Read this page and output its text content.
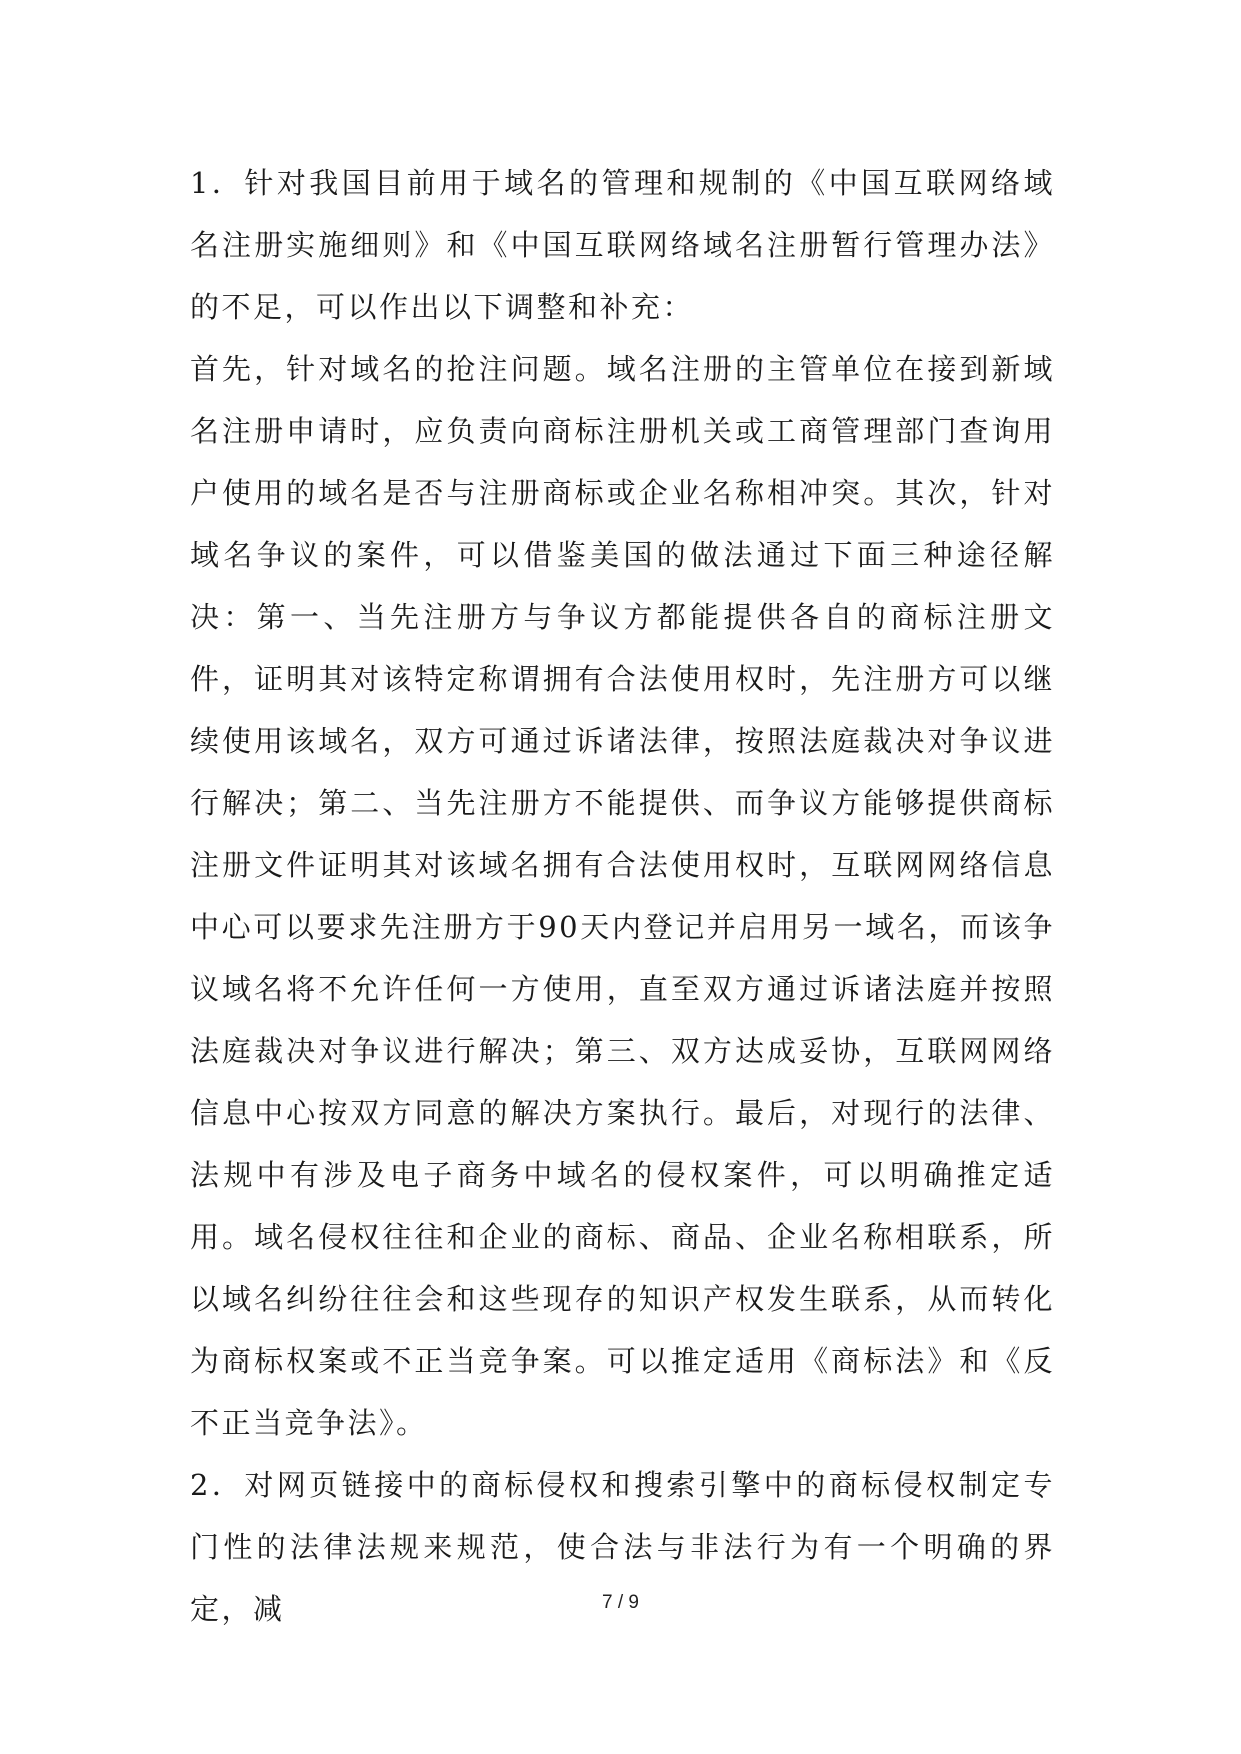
1．针对我国目前用于域名的管理和规制的《中国互联网络域名注册实施细则》和《中国互联网络域名注册暂行管理办法》的不足，可以作出以下调整和补充：

首先，针对域名的抢注问题。域名注册的主管单位在接到新域名注册申请时，应负责向商标注册机关或工商管理部门查询用户使用的域名是否与注册商标或企业名称相冲突。其次，针对域名争议的案件，可以借鉴美国的做法通过下面三种途径解决：第一、当先注册方与争议方都能提供各自的商标注册文件，证明其对该特定称谓拥有合法使用权时，先注册方可以继续使用该域名，双方可通过诉诸法律，按照法庭裁决对争议进行解决；第二、当先注册方不能提供、而争议方能够提供商标注册文件证明其对该域名拥有合法使用权时，互联网网络信息中心可以要求先注册方于90天内登记并启用另一域名，而该争议域名将不允许任何一方使用，直至双方通过诉诸法庭并按照法庭裁决对争议进行解决；第三、双方达成妥协，互联网网络信息中心按双方同意的解决方案执行。最后，对现行的法律、法规中有涉及电子商务中域名的侵权案件，可以明确推定适用。域名侵权往往和企业的商标、商品、企业名称相联系，所以域名纠纷往往会和这些现存的知识产权发生联系，从而转化为商标权案或不正当竞争案。可以推定适用《商标法》和《反不正当竞争法》。

2．对网页链接中的商标侵权和搜索引擎中的商标侵权制定专门性的法律法规来规范，使合法与非法行为有一个明确的界定，减	7 / 9
